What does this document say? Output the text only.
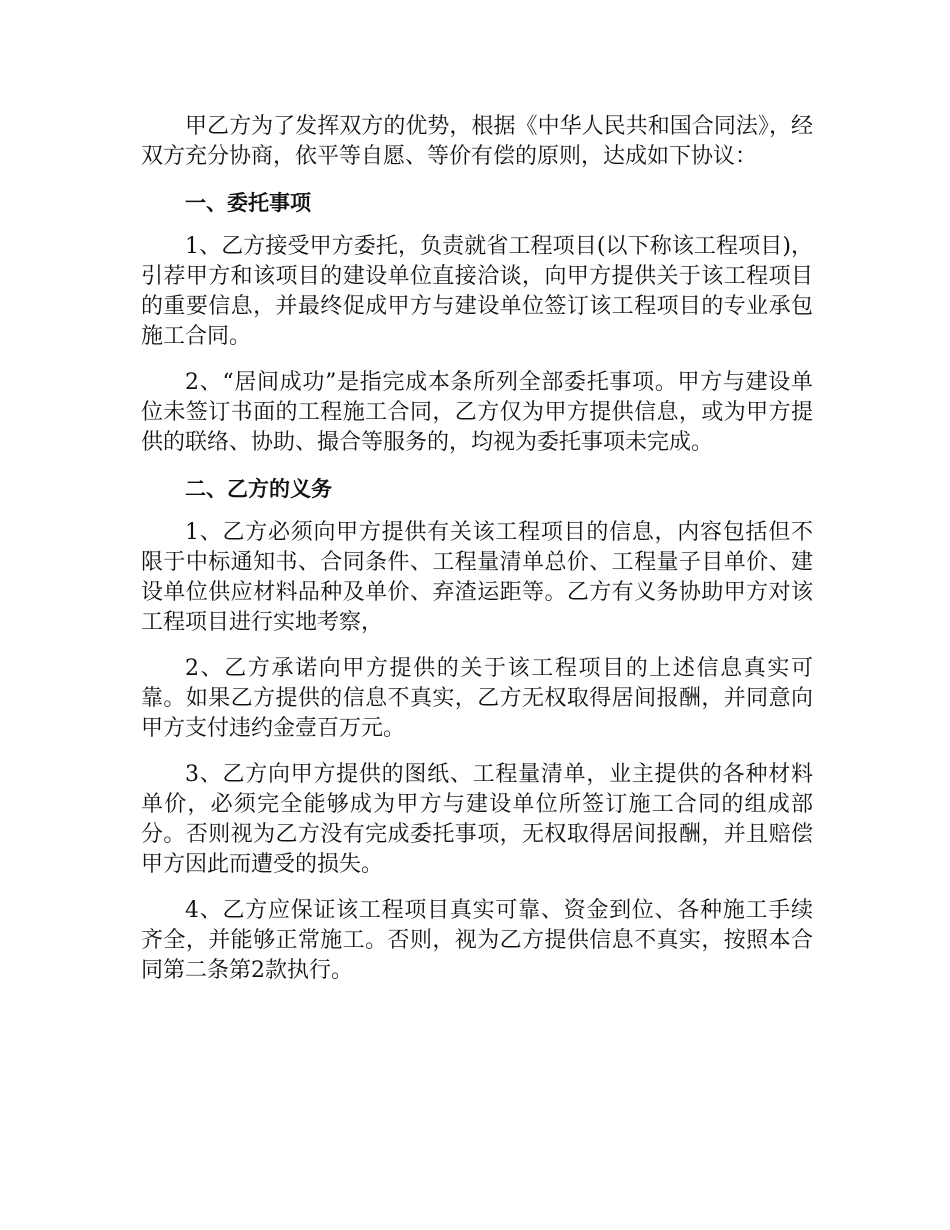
甲乙方为了发挥双方的优势，根据《中华人民共和国合同法》，经双方充分协商，依平等自愿、等价有偿的原则，达成如下协议：

一、委托事项

1、乙方接受甲方委托，负责就省工程项目(以下称该工程项目)，引荐甲方和该项目的建设单位直接洽谈，向甲方提供关于该工程项目的重要信息，并最终促成甲方与建设单位签订该工程项目的专业承包施工合同。

2、“居间成功”是指完成本条所列全部委托事项。甲方与建设单位未签订书面的工程施工合同，乙方仅为甲方提供信息，或为甲方提供的联络、协助、撮合等服务的，均视为委托事项未完成。

二、乙方的义务

1、乙方必须向甲方提供有关该工程项目的信息，内容包括但不限于中标通知书、合同条件、工程量清单总价、工程量子目单价、建设单位供应材料品种及单价、弃渣运距等。乙方有义务协助甲方对该工程项目进行实地考察，

2、乙方承诺向甲方提供的关于该工程项目的上述信息真实可靠。如果乙方提供的信息不真实，乙方无权取得居间报酬，并同意向甲方支付违约金壹百万元。

3、乙方向甲方提供的图纸、工程量清单，业主提供的各种材料单价，必须完全能够成为甲方与建设单位所签订施工合同的组成部分。否则视为乙方没有完成委托事项，无权取得居间报酬，并且赔偿甲方因此而遭受的损失。

4、乙方应保证该工程项目真实可靠、资金到位、各种施工手续齐全，并能够正常施工。否则，视为乙方提供信息不真实，按照本合同第二条第2款执行。
